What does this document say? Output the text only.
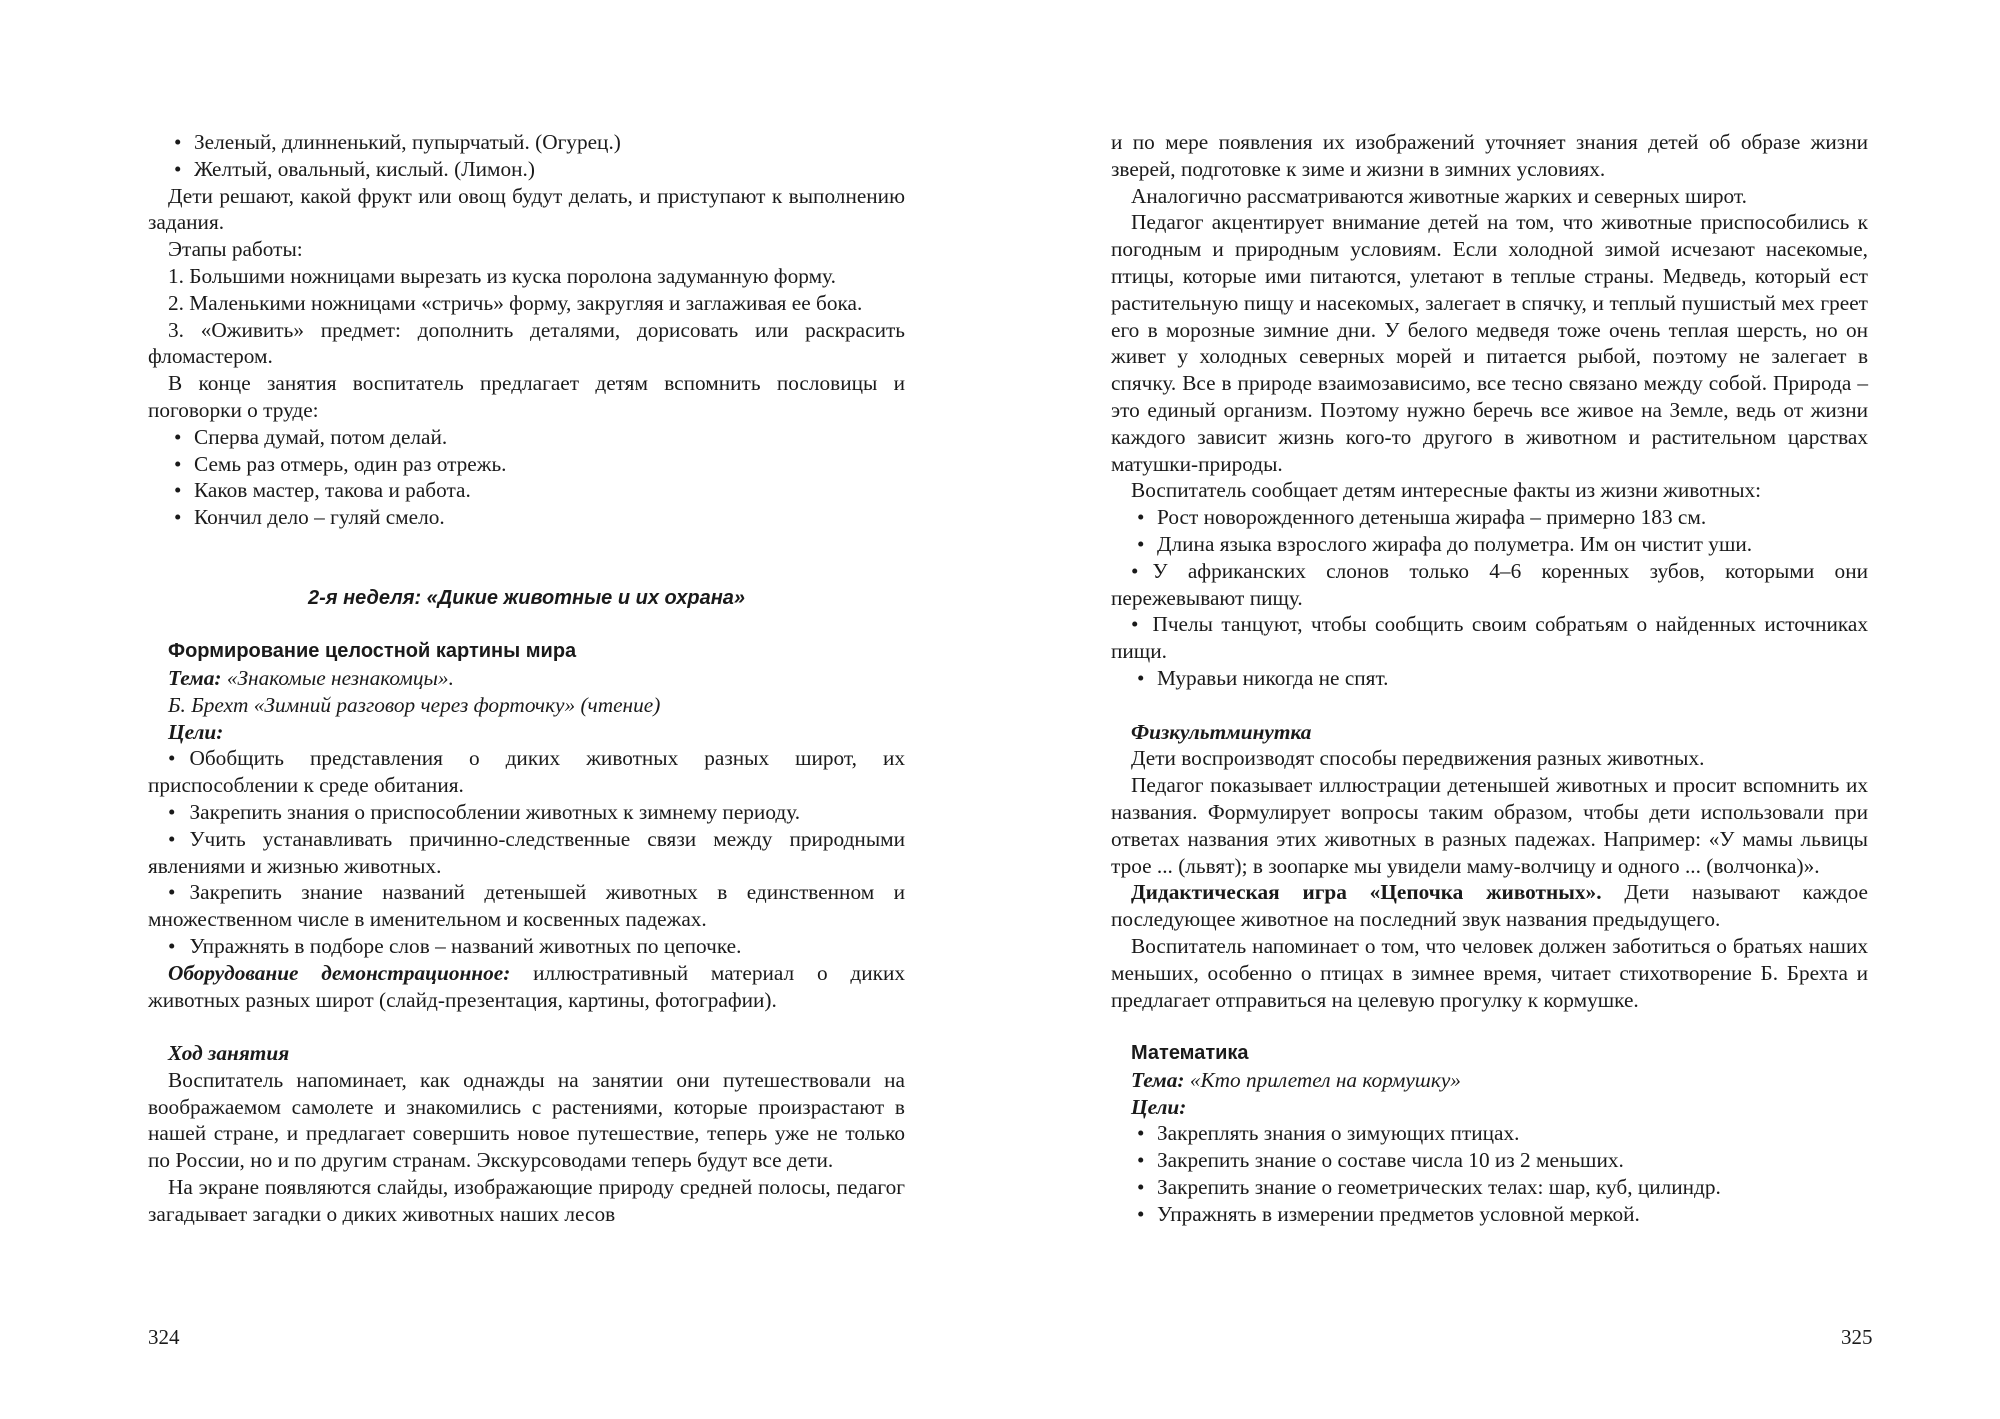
• Зеленый, длинненький, пупырчатый. (Огурец.)

• Желтый, овальный, кислый. (Лимон.)

Дети решают, какой фрукт или овощ будут делать, и приступают к выполнению задания.

Этапы работы:

1. Большими ножницами вырезать из куска поролона задуманную форму.

2. Маленькими ножницами «стричь» форму, закругляя и заглаживая ее бока.

3. «Оживить» предмет: дополнить деталями, дорисовать или раскрасить фломастером.

В конце занятия воспитатель предлагает детям вспомнить пословицы и поговорки о труде:

• Сперва думай, потом делай.

• Семь раз отмерь, один раз отрежь.

• Каков мастер, такова и работа.

• Кончил дело – гуляй смело.

2-я неделя: «Дикие животные и их охрана»

Формирование целостной картины мира

Тема: «Знакомые незнакомцы».

Б. Брехт «Зимний разговор через форточку» (чтение)

Цели:

• Обобщить представления о диких животных разных широт, их приспособлении к среде обитания.

• Закрепить знания о приспособлении животных к зимнему периоду.

• Учить устанавливать причинно-следственные связи между природными явлениями и жизнью животных.

• Закрепить знание названий детенышей животных в единственном и множественном числе в именительном и косвенных падежах.

• Упражнять в подборе слов – названий животных по цепочке.

Оборудование демонстрационное: иллюстративный материал о диких животных разных широт (слайд-презентация, картины, фотографии).

Ход занятия

Воспитатель напоминает, как однажды на занятии они путешествовали на воображаемом самолете и знакомились с растениями, которые произрастают в нашей стране, и предлагает совершить новое путешествие, теперь уже не только по России, но и по другим странам. Экскурсоводами теперь будут все дети.

На экране появляются слайды, изображающие природу средней полосы, педагог загадывает загадки о диких животных наших лесов

324

и по мере появления их изображений уточняет знания детей об образе жизни зверей, подготовке к зиме и жизни в зимних условиях.

Аналогично рассматриваются животные жарких и северных широт.

Педагог акцентирует внимание детей на том, что животные приспособились к погодным и природным условиям. Если холодной зимой исчезают насекомые, птицы, которые ими питаются, улетают в теплые страны. Медведь, который ест растительную пищу и насекомых, залегает в спячку, и теплый пушистый мех греет его в морозные зимние дни. У белого медведя тоже очень теплая шерсть, но он живет у холодных северных морей и питается рыбой, поэтому не залегает в спячку. Все в природе взаимозависимо, все тесно связано между собой. Природа – это единый организм. Поэтому нужно беречь все живое на Земле, ведь от жизни каждого зависит жизнь кого-то другого в животном и растительном царствах матушки-природы.

Воспитатель сообщает детям интересные факты из жизни животных:

• Рост новорожденного детеныша жирафа – примерно 183 см.

• Длина языка взрослого жирафа до полуметра. Им он чистит уши.

• У африканских слонов только 4–6 коренных зубов, которыми они пережевывают пищу.

• Пчелы танцуют, чтобы сообщить своим собратьям о найденных источниках пищи.

• Муравьи никогда не спят.

Физкультминутка

Дети воспроизводят способы передвижения разных животных.

Педагог показывает иллюстрации детенышей животных и просит вспомнить их названия. Формулирует вопросы таким образом, чтобы дети использовали при ответах названия этих животных в разных падежах. Например: «У мамы львицы трое ... (львят); в зоопарке мы увидели маму-волчицу и одного ... (волчонка)».

Дидактическая игра «Цепочка животных». Дети называют каждое последующее животное на последний звук названия предыдущего.

Воспитатель напоминает о том, что человек должен заботиться о братьях наших меньших, особенно о птицах в зимнее время, читает стихотворение Б. Брехта и предлагает отправиться на целевую прогулку к кормушке.

Математика

Тема: «Кто прилетел на кормушку»

Цели:

• Закреплять знания о зимующих птицах.

• Закрепить знание о составе числа 10 из 2 меньших.

• Закрепить знание о геометрических телах: шар, куб, цилиндр.

• Упражнять в измерении предметов условной меркой.

325
